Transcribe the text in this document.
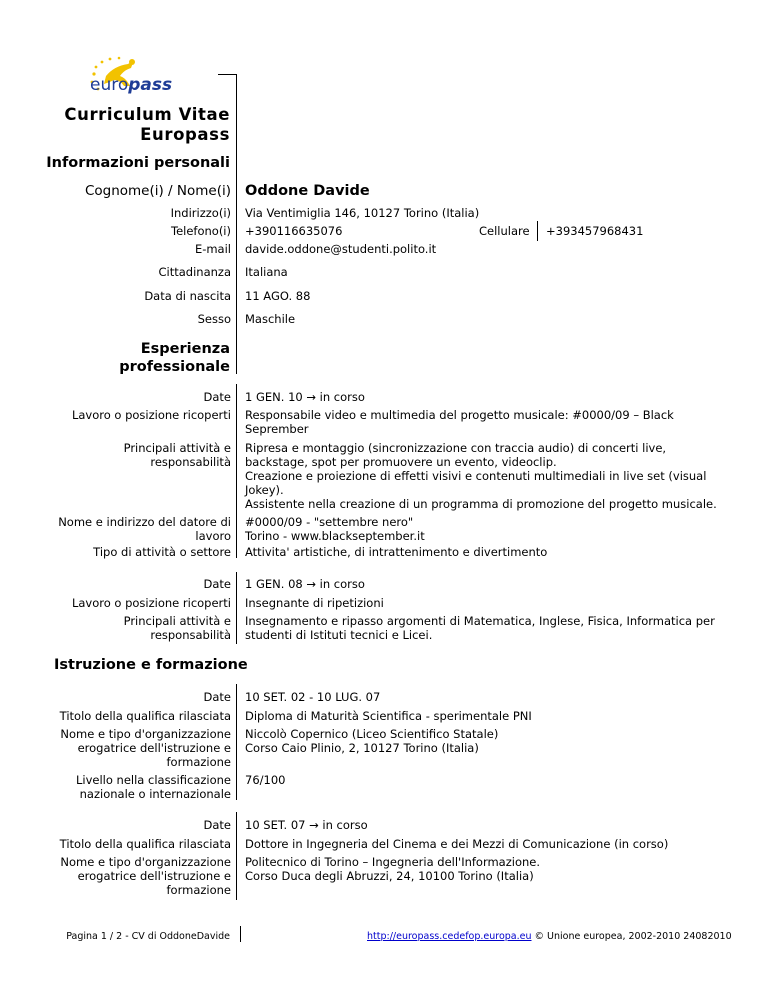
europass
Curriculum Vitae
Europass
Informazioni personali
Cognome(i) / Nome(i) Oddone Davide
Indirizzo(i) Via Ventimiglia 146, 10127 Torino (Italia)
Telefono(i) +390116635076	Cellulare +393457968431
E-mail davide.oddone@studenti.polito.it
Cittadinanza Italiana
Data di nascita 11 AGO. 88
Sesso Maschile
Esperienza
professionale
Date 1 GEN. 10 → in corso
Lavoro o posizione ricoperti Responsabile video e multimedia del progetto musicale: #0000/09 – Black
Seprember
Principali attività e
responsabilità
Ripresa e montaggio (sincronizzazione con traccia audio) di concerti live,
backstage, spot per promuovere un evento, videoclip.
Creazione e proiezione di effetti visivi e contenuti multimediali in live set (visual
Jokey).
Assistente nella creazione di un programma di promozione del progetto musicale.
Nome e indirizzo del datore di
lavoro
#0000/09 - "settembre nero"
Torino - www.blackseptember.it
Tipo di attività o settore Attivita' artistiche, di intrattenimento e divertimento
Date 1 GEN. 08 → in corso
Lavoro o posizione ricoperti Insegnante di ripetizioni
Principali attività e
responsabilità
Insegnamento e ripasso argomenti di Matematica, Inglese, Fisica, Informatica per
studenti di Istituti tecnici e Licei.
Istruzione e formazione
Date 10 SET. 02 - 10 LUG. 07
Titolo della qualifica rilasciata Diploma di Maturità Scientifica - sperimentale PNI
Nome e tipo d'organizzazione
erogatrice dell'istruzione e
formazione
Niccolò Copernico (Liceo Scientifico Statale)
Corso Caio Plinio, 2, 10127 Torino (Italia)
Livello nella classificazione
nazionale o internazionale
76/100
Date 10 SET. 07 → in corso
Titolo della qualifica rilasciata Dottore in Ingegneria del Cinema e dei Mezzi di Comunicazione (in corso)
Nome e tipo d'organizzazione
erogatrice dell'istruzione e
formazione
Politecnico di Torino – Ingegneria dell'Informazione.
Corso Duca degli Abruzzi, 24, 10100 Torino (Italia)
Pagina 1 / 2 - CV di OddoneDavide	http://europass.cedefop.europa.eu © Unione europea, 2002-2010 24082010
